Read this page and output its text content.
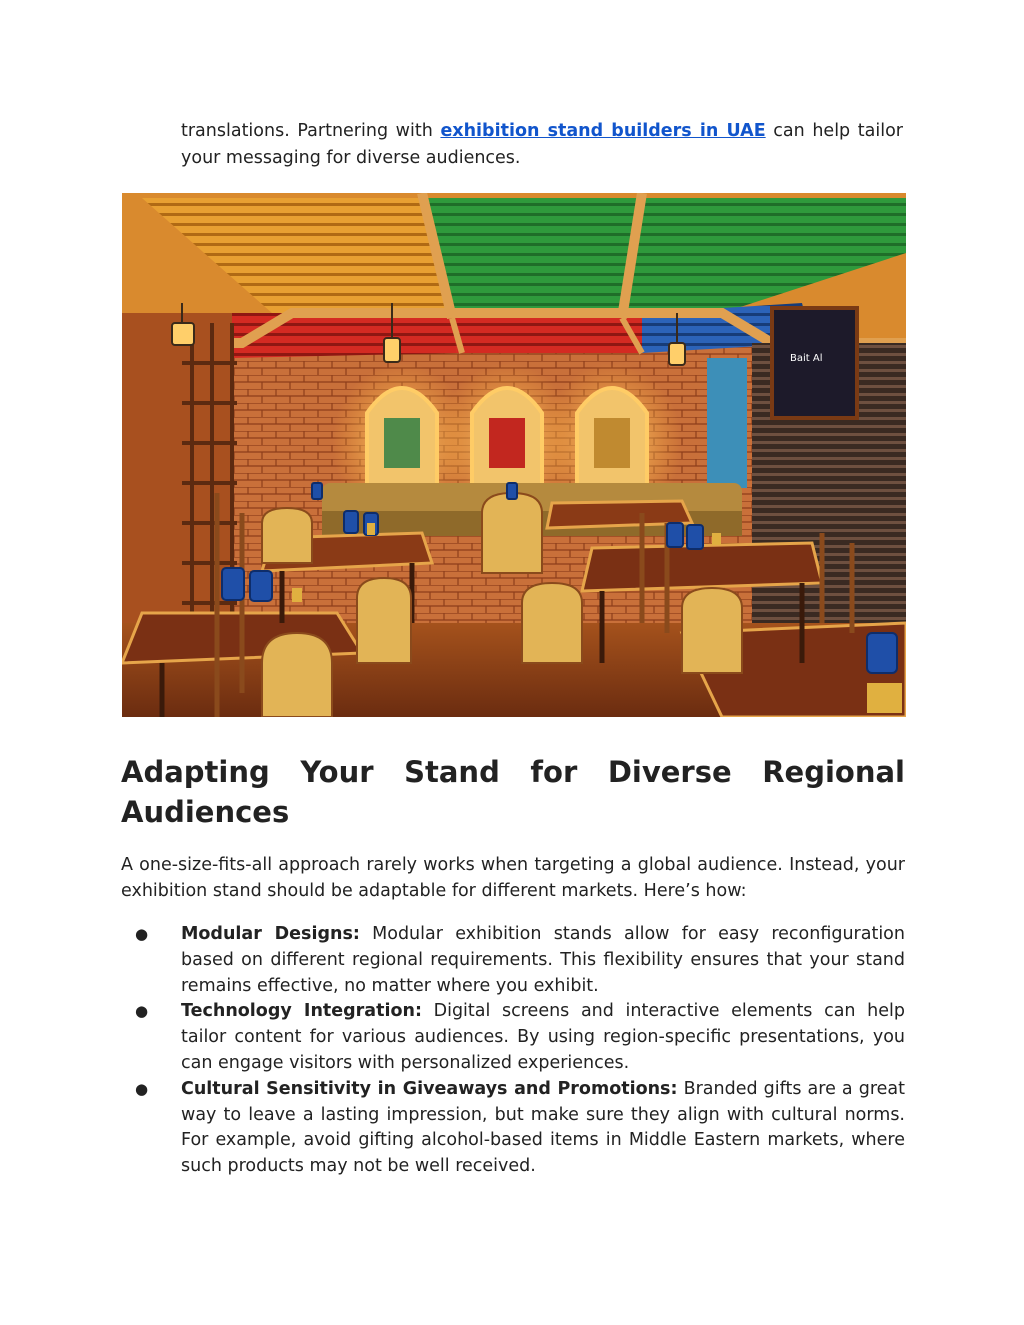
translations. Partnering with exhibition stand builders in UAE can help tailor your messaging for diverse audiences.

Bait Al
Adapting Your Stand for Diverse Regional Audiences

A one-size-fits-all approach rarely works when targeting a global audience. Instead, your exhibition stand should be adaptable for different markets. Here’s how:

● Modular Designs: Modular exhibition stands allow for easy reconfiguration based on different regional requirements. This flexibility ensures that your stand remains effective, no matter where you exhibit.
● Technology Integration: Digital screens and interactive elements can help tailor content for various audiences. By using region-specific presentations, you can engage visitors with personalized experiences.
● Cultural Sensitivity in Giveaways and Promotions: Branded gifts are a great way to leave a lasting impression, but make sure they align with cultural norms. For example, avoid gifting alcohol-based items in Middle Eastern markets, where such products may not be well received.
